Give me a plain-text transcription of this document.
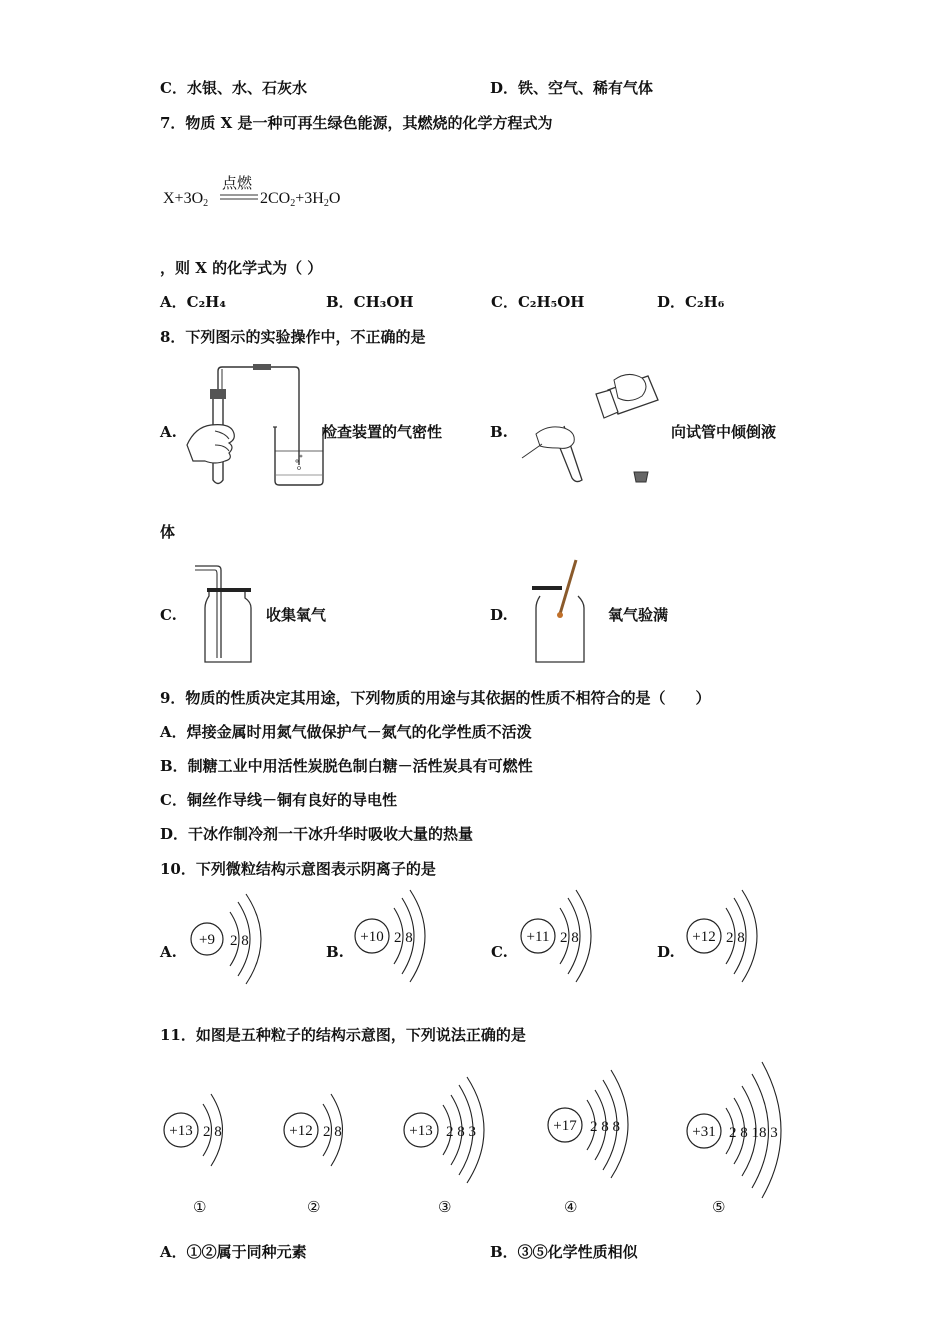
C．水银、水、石灰水	D．铁、空气、稀有气体
7．物质 X 是一种可再生绿色能源，其燃烧的化学方程式为
$X+3O_2$
点燃
$2CO_2+3H_2O$
，则 X 的化学式为（ ）
A．C₂H₄	B．CH₃OH	C．C₂H₅OH	D．C₂H₆
8．下列图示的实验操作中，不正确的是
A.	检查装置的气密性	B.	向试管中倾倒液
体
C.	收集氧气	D.	氧气验满
9．物质的性质决定其用途，下列物质的用途与其依据的性质不相符合的是（　　）
A．焊接金属时用氮气做保护气－氮气的化学性质不活泼
B．制糖工业中用活性炭脱色制白糖－活性炭具有可燃性
C．铜丝作导线－铜有良好的导电性
D．干冰作制冷剂一干冰升华时吸收大量的热量
10．下列微粒结构示意图表示阴离子的是
A.
+9 2 8
B.
+10 2 8
C.
+11 2 8
D.
+12 2 8
11．如图是五种粒子的结构示意图，下列说法正确的是
+13 2 8	+12 2 8	+13 2 8 3	+17 2 8 8	+31 2 8 18 3
①	②	③	④	⑤
A．①②属于同种元素	B．③⑤化学性质相似
